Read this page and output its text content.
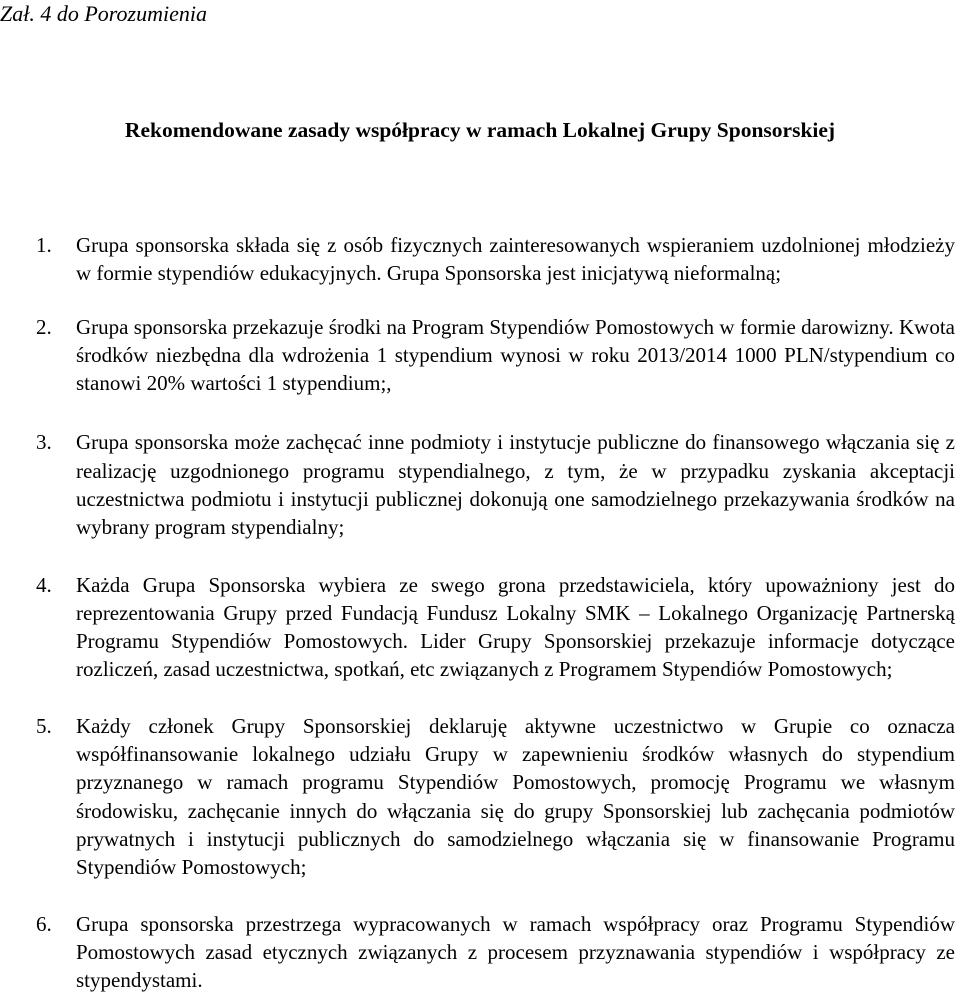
Zał. 4 do Porozumienia
Rekomendowane zasady współpracy w ramach Lokalnej Grupy Sponsorskiej
1. Grupa sponsorska składa się z osób fizycznych zainteresowanych wspieraniem uzdolnionej młodzieży w formie stypendiów edukacyjnych. Grupa Sponsorska jest inicjatywą nieformalną;
2. Grupa sponsorska przekazuje środki na Program Stypendiów Pomostowych w formie darowizny. Kwota środków niezbędna dla wdrożenia 1 stypendium wynosi w roku 2013/2014 1000 PLN/stypendium co stanowi 20% wartości 1 stypendium;,
3. Grupa sponsorska może zachęcać inne podmioty i instytucje publiczne do finansowego włączania się z realizację uzgodnionego programu stypendialnego, z tym, że w przypadku zyskania akceptacji uczestnictwa podmiotu i instytucji publicznej dokonują one samodzielnego przekazywania środków na wybrany program stypendialny;
4. Każda Grupa Sponsorska wybiera ze swego grona przedstawiciela, który upoważniony jest do reprezentowania Grupy przed Fundacją Fundusz Lokalny SMK – Lokalnego Organizację Partnerską Programu Stypendiów Pomostowych. Lider Grupy Sponsorskiej przekazuje informacje dotyczące rozliczeń, zasad uczestnictwa, spotkań, etc związanych z Programem Stypendiów Pomostowych;
5. Każdy członek Grupy Sponsorskiej deklaruję aktywne uczestnictwo w Grupie co oznacza współfinansowanie lokalnego udziału Grupy w zapewnieniu środków własnych do stypendium przyznanego w ramach programu Stypendiów Pomostowych, promocję Programu we własnym środowisku, zachęcanie innych do włączania się do grupy Sponsorskiej lub zachęcania podmiotów prywatnych i instytucji publicznych do samodzielnego włączania się w finansowanie Programu Stypendiów Pomostowych;
6. Grupa sponsorska przestrzega wypracowanych w ramach współpracy oraz Programu Stypendiów Pomostowych zasad etycznych związanych z procesem przyznawania stypendiów i współpracy ze stypendystami.
